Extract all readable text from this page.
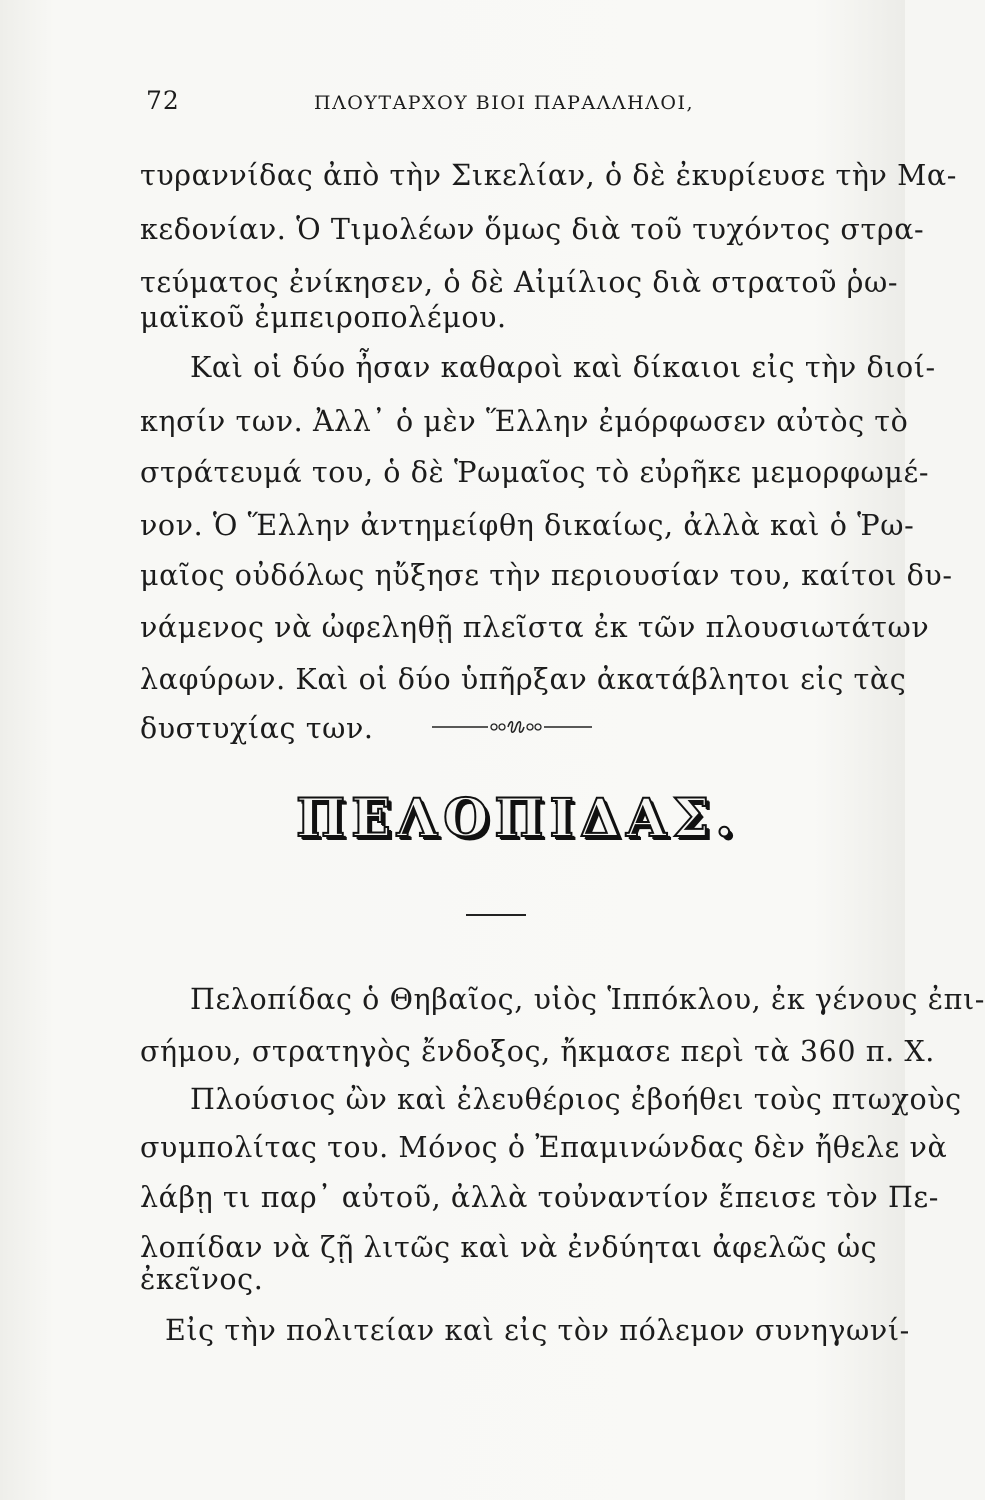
72	ΠΛΟΥΤΑΡΧΟΥ ΒΙΟΙ ΠΑΡΑΛΛΗΛΟΙ,
τυραννίδας ἀπὸ τὴν Σικελίαν, ὁ δὲ ἐκυρίευσε τὴν Μα-
κεδονίαν. Ὁ Τιμολέων ὅμως διὰ τοῦ τυχόντος στρα-
τεύματος ἐνίκησεν, ὁ δὲ Αἰμίλιος διὰ στρατοῦ ῥω-
μαϊκοῦ ἐμπειροπολέμου.
Καὶ οἱ δύο ἦσαν καθαροὶ καὶ δίκαιοι εἰς τὴν διοί-
κησίν των. Ἀλλ᾽ ὁ μὲν Ἕλλην ἐμόρφωσεν αὐτὸς τὸ
στράτευμά του, ὁ δὲ Ῥωμαῖος τὸ εὐρῆκε μεμορφωμέ-
νον. Ὁ Ἕλλην ἀντημείφθη δικαίως, ἀλλὰ καὶ ὁ Ῥω-
μαῖος οὐδόλως ηὔξησε τὴν περιουσίαν του, καίτοι δυ-
νάμενος νὰ ὠφεληθῇ πλεῖστα ἐκ τῶν πλουσιωτάτων
λαφύρων. Καὶ οἱ δύο ὑπῆρξαν ἀκατάβλητοι εἰς τὰς
δυστυχίας των.
ΠΕΛΟΠΙΔΑΣ.
Πελοπίδας ὁ Θηβαῖος, υἱὸς Ἱππόκλου, ἐκ γένους ἐπι-
σήμου, στρατηγὸς ἔνδοξος, ἤκμασε περὶ τὰ 360 π. Χ.
Πλούσιος ὢν καὶ ἐλευθέριος ἐβοήθει τοὺς πτωχοὺς
συμπολίτας του. Μόνος ὁ Ἐπαμινώνδας δὲν ἤθελε νὰ
λάβῃ τι παρ᾽ αὐτοῦ, ἀλλὰ τοὐναντίον ἔπεισε τὸν Πε-
λοπίδαν νὰ ζῇ λιτῶς καὶ νὰ ἐνδύηται ἀφελῶς ὡς
ἐκεῖνος.
Εἰς τὴν πολιτείαν καὶ εἰς τὸν πόλεμον συνηγωνί-
